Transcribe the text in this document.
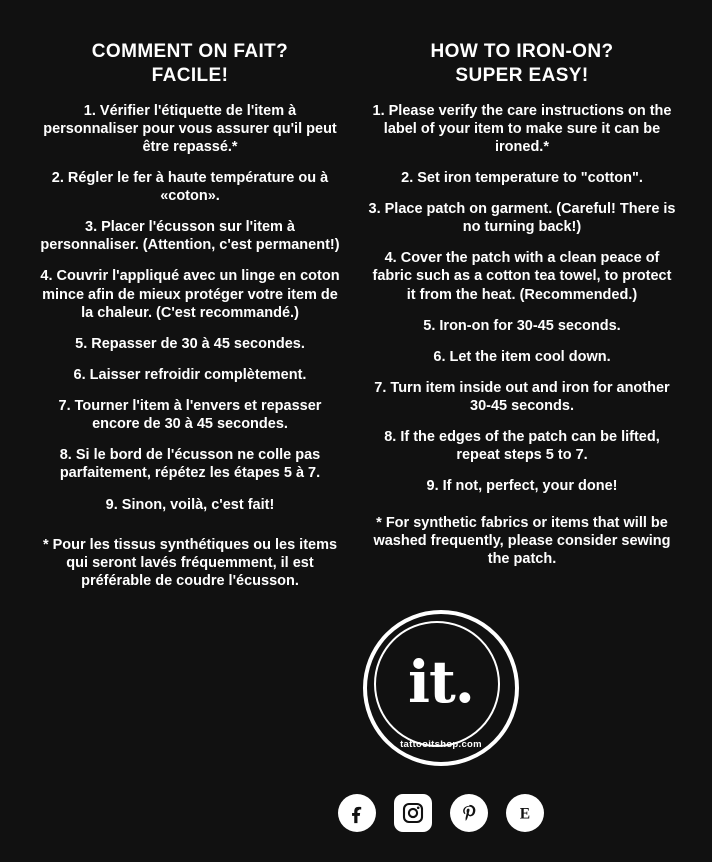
COMMENT ON FAIT?
FACILE!

1. Vérifier l'étiquette de l'item à personnaliser pour vous assurer qu'il peut être repassé.*

2. Régler le fer à haute température ou à «coton».

3. Placer l'écusson sur l'item à personnaliser. (Attention, c'est permanent!)

4. Couvrir l'appliqué avec un linge en coton mince afin de mieux protéger votre item de la chaleur. (C'est recommandé.)

5. Repasser de 30 à 45 secondes.

6. Laisser refroidir complètement.

7. Tourner l'item à l'envers et repasser encore de 30 à 45 secondes.

8. Si le bord de l'écusson ne colle pas parfaitement, répétez les étapes 5 à 7.

9. Sinon, voilà, c'est fait!

* Pour les tissus synthétiques ou les items qui seront lavés fréquemment, il est préférable de coudre l'écusson.

HOW TO IRON-ON?
SUPER EASY!

1. Please verify the care instructions on the label of your item to make sure it can be ironed.*

2. Set iron temperature to "cotton".

3. Place patch on garment. (Careful! There is no turning back!)

4. Cover the patch with a clean peace of fabric such as a cotton tea towel, to protect it from the heat. (Recommended.)

5. Iron-on for 30-45 seconds.

6. Let the item cool down.

7. Turn item inside out and iron for another 30-45 seconds.

8. If the edges of the patch can be lifted, repeat steps 5 to 7.

9. If not, perfect, your done!

* For synthetic fabrics or items that will be washed frequently, please consider sewing the patch.

it.
tattooitshop.com
E
